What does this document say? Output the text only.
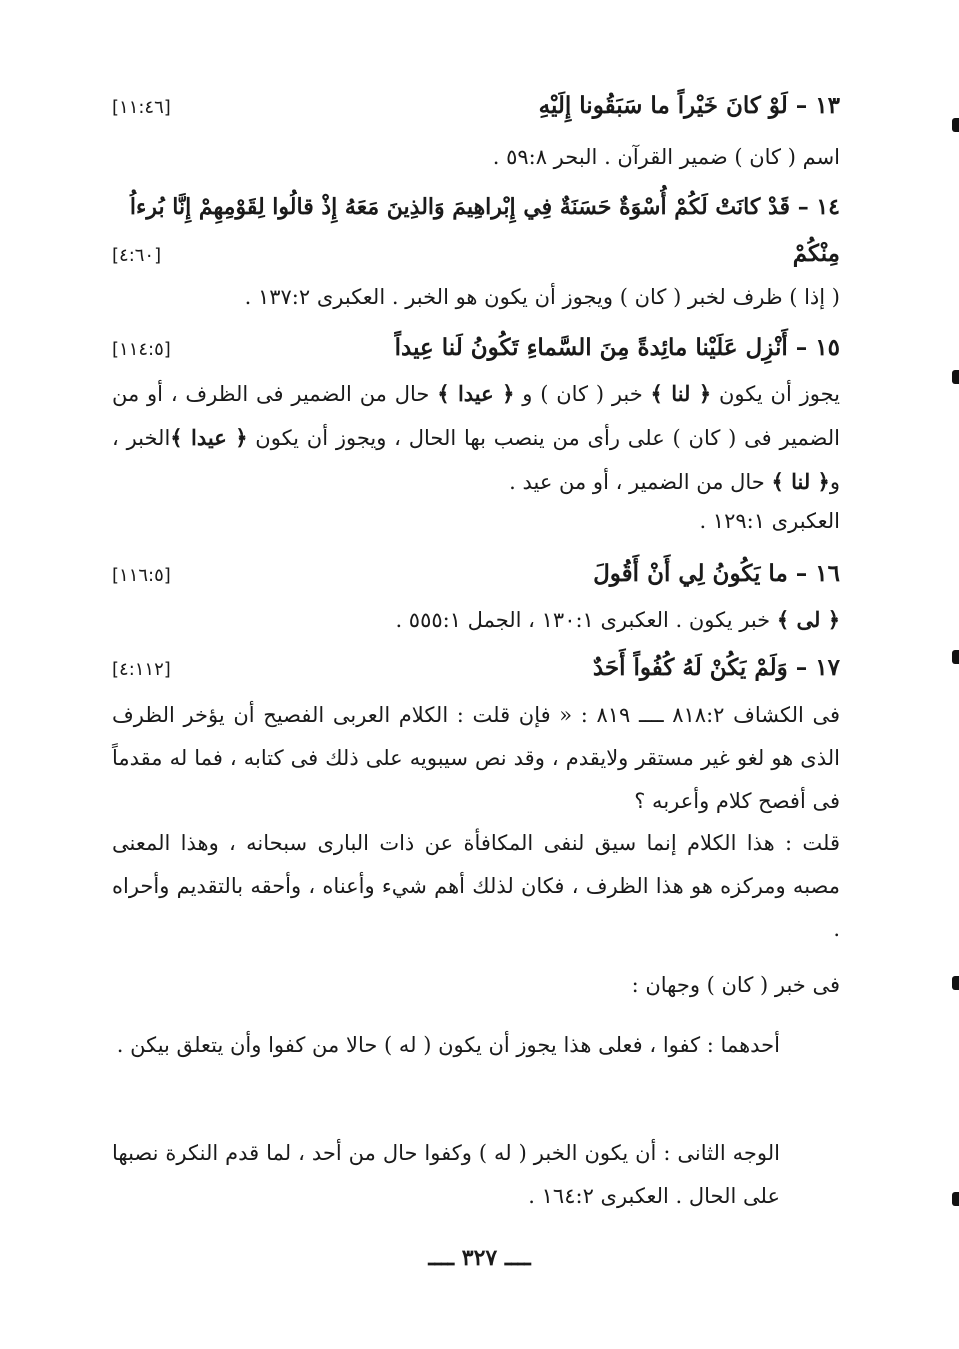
١٣ – لَوْ كانَ خَيْراً ما سَبَقُونا إِلَيْهِ
[١١:٤٦]
اسم ( كان ) ضمير القرآن . البحر ٥٩:٨ .
١٤ – قَدْ كانَتْ لَكُمْ أُسْوَةٌ حَسَنَةٌ فِي إِبْراهِيمَ وَالذِينَ مَعَهُ إِذْ قالُوا لِقَوْمِهِمْ إِنَّا بُرءاُ
مِنْكُمْ
[٤:٦٠]
( إذا ) ظرف لخبر ( كان ) ويجوز أن يكون هو الخبر . العكبرى ١٣٧:٢ .
١٥ – أَنْزِل عَلَيْنا مائِدةً مِنَ السَّماءِ تَكُونُ لَنا عِيداً
[١١٤:٥]
يجوز أن يكون ﴿ لنا ﴾ خبر ( كان ) و ﴿ عيدا ﴾ حال من الضمير فى الظرف ، أو من الضمير فى ( كان ) على رأى من ينصب بها الحال ، ويجوز أن يكون ﴿ عيدا ﴾الخبر ، و﴿ لنا ﴾ حال من الضمير ، أو من عيد .
العكبرى ١٢٩:١ .
١٦ – ما يَكُونُ لِي أَنْ أَقُولَ
[١١٦:٥]
﴿ لى ﴾ خبر يكون . العكبرى ١٣٠:١ ، الجمل ٥٥٥:١ .
١٧ – وَلَمْ يَكُنْ لَهُ كُفُواً أَحَدٌ
[٤:١١٢]
فى الكشاف ٨١٨:٢ ــــ ٨١٩ : « فإن قلت : الكلام العربى الفصيح أن يؤخر الظرف الذى هو لغو غير مستقر ولايقدم ، وقد نص سيبويه على ذلك فى كتابه ، فما له مقدماً فى أفصح كلام وأعربه ؟
قلت : هذا الكلام إنما سيق لنفى المكافأة عن ذات البارى سبحانه ، وهذا المعنى مصبه ومركزه هو هذا الظرف ، فكان لذلك أهم شيء وأعناه ، وأحقه بالتقديم وأحراه .
فى خبر ( كان ) وجهان :
أحدهما : كفوا ، فعلى هذا يجوز أن يكون ( له ) حالا من كفوا وأن يتعلق بيكن .
الوجه الثانى : أن يكون الخبر ( له ) وكفوا حال من أحد ، لما قدم النكرة نصبها على الحال . العكبرى ١٦٤:٢ .
ــــ ٣٢٧ ــــ
